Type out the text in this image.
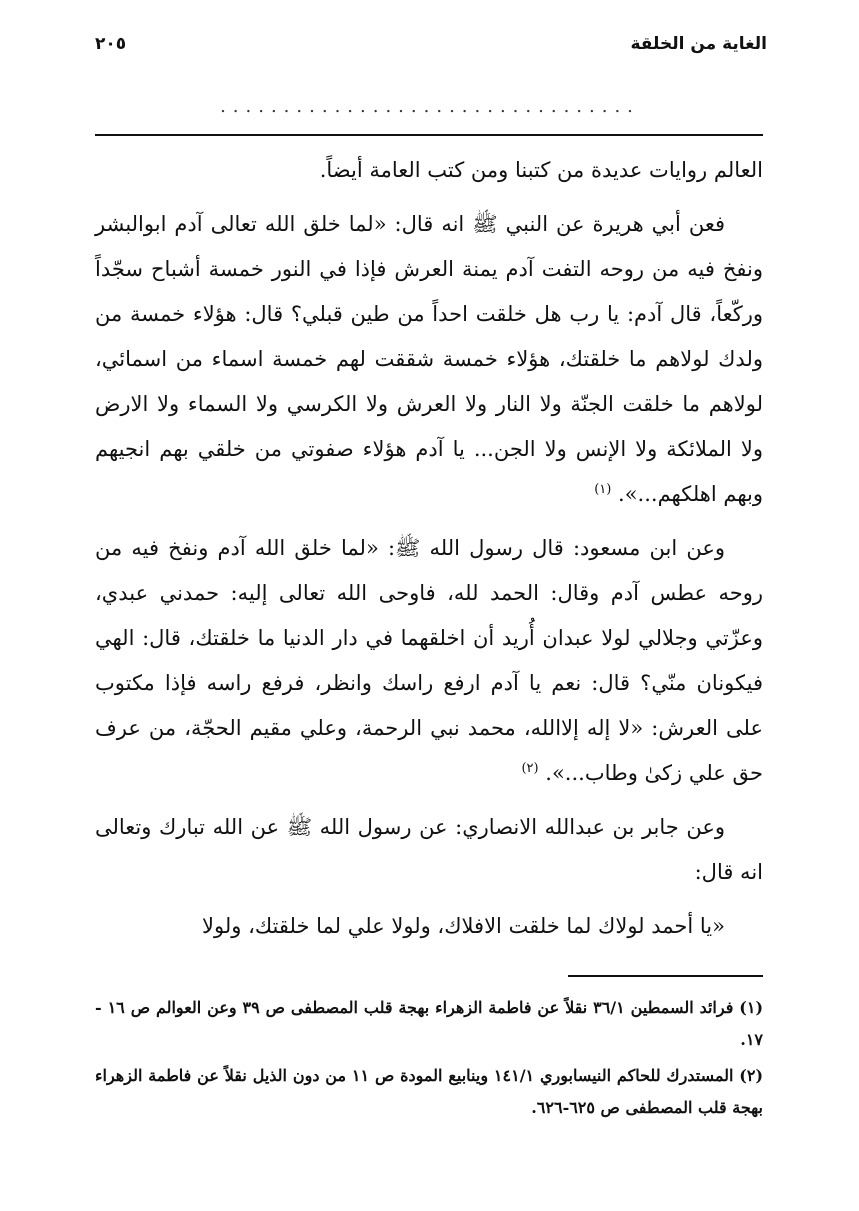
الغاية من الخلقة
٢٠٥
.................................

العالم روايات عديدة من كتبنا ومن كتب العامة أيضاً.

فعن أبي هريرة عن النبي ﷺ انه قال: «لما خلق الله تعالى آدم ابوالبشر ونفخ فيه من روحه التفت آدم يمنة العرش فإذا في النور خمسة أشباح سجّداً وركّعاً، قال آدم: يا رب هل خلقت احداً من طين قبلي؟ قال: هؤلاء خمسة من ولدك لولاهم ما خلقتك، هؤلاء خمسة شققت لهم خمسة اسماء من اسمائي، لولاهم ما خلقت الجنّة ولا النار ولا العرش ولا الكرسي ولا السماء ولا الارض ولا الملائكة ولا الإنس ولا الجن... يا آدم هؤلاء صفوتي من خلقي بهم انجيهم وبهم اهلكهم...». $^{(١)}$

وعن ابن مسعود: قال رسول الله ﷺ: «لما خلق الله آدم ونفخ فيه من روحه عطس آدم وقال: الحمد لله، فاوحى الله تعالى إليه: حمدني عبدي، وعزّتي وجلالي لولا عبدان أُريد أن اخلقهما في دار الدنيا ما خلقتك، قال: الهي فيكونان منّي؟ قال: نعم يا آدم ارفع راسك وانظر، فرفع راسه فإذا مكتوب على العرش: «لا إله إلاالله، محمد نبي الرحمة، وعلي مقيم الحجّة، من عرف حق علي زكىٰ وطاب...». $^{(٢)}$

وعن جابر بن عبدالله الانصاري: عن رسول الله ﷺ عن الله تبارك وتعالى انه قال:

«يا أحمد لولاك لما خلقت الافلاك، ولولا علي لما خلقتك، ولولا

(١) فرائد السمطين ٣٦/١ نقلاً عن فاطمة الزهراء بهجة قلب المصطفى ص ٣٩ وعن العوالم ص ١٦ - ١٧.
(٢) المستدرك للحاكم النيسابوري ١٤١/١ وينابيع المودة ص ١١ من دون الذيل نقلاً عن فاطمة الزهراء بهجة قلب المصطفى ص ٦٢٥-٦٢٦.
